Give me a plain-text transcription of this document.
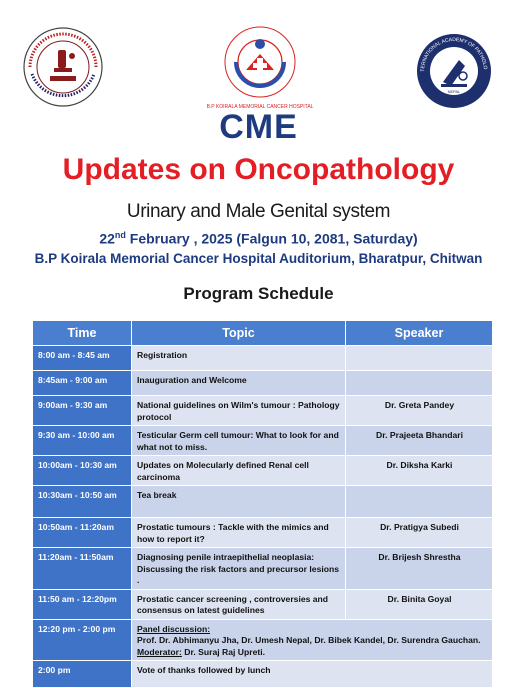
B.P KOIRALA MEMORIAL CANCER HOSPITAL
NEPAL
TERNATIONAL ACADEMY OF PATHOLO
CME
Updates on Oncopathology
Urinary and Male Genital system
22nd February , 2025 (Falgun 10, 2081, Saturday)
B.P Koirala Memorial Cancer Hospital Auditorium, Bharatpur, Chitwan
Program Schedule
Time	Topic	Speaker
8:00 am - 8:45 am	Registration	
8:45am - 9:00 am	Inauguration and Welcome	
9:00am - 9:30 am	National guidelines on Wilm's tumour : Pathology protocol	Dr. Greta Pandey
9:30 am - 10:00 am	Testicular Germ cell tumour: What to look for and what not to miss.	Dr. Prajeeta Bhandari
10:00am - 10:30 am	Updates on Molecularly defined Renal cell carcinoma	Dr. Diksha Karki
10:30am - 10:50 am	Tea break	
10:50am - 11:20am	Prostatic tumours : Tackle with the mimics and how to report it?	Dr. Pratigya Subedi
11:20am - 11:50am	Diagnosing penile intraepithelial neoplasia: Discussing the risk factors and precursor lesions .	Dr. Brijesh Shrestha
11:50 am - 12:20pm	Prostatic cancer screening , controversies and consensus on latest guidelines	Dr. Binita Goyal
12:20 pm - 2:00 pm	Panel discussion:
Prof. Dr. Abhimanyu Jha, Dr. Umesh Nepal, Dr. Bibek Kandel, Dr. Surendra Gauchan.
Moderator: Dr. Suraj Raj Upreti.	

2:00 pm	Vote of thanks followed by lunch	
